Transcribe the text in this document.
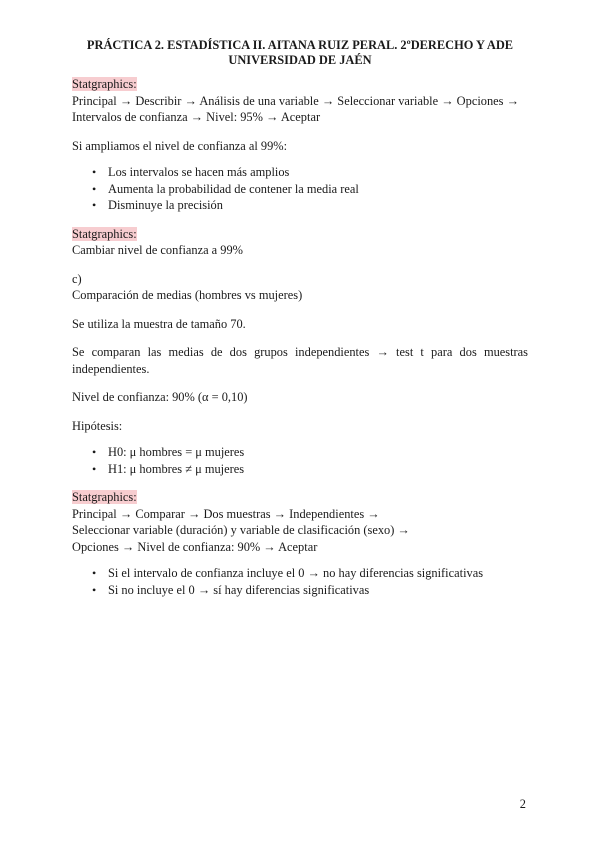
PRÁCTICA 2. ESTADÍSTICA II. AITANA RUIZ PERAL. 2ºDERECHO Y ADE
UNIVERSIDAD DE JAÉN

Statgraphics:

Principal → Describir → Análisis de una variable → Seleccionar variable → Opciones →

Intervalos de confianza → Nivel: 95% → Aceptar

Si ampliamos el nivel de confianza al 99%:

• Los intervalos se hacen más amplios
• Aumenta la probabilidad de contener la media real
• Disminuye la precisión

Statgraphics:

Cambiar nivel de confianza a 99%

c)

Comparación de medias (hombres vs mujeres)

Se utiliza la muestra de tamaño 70.

Se comparan las medias de dos grupos independientes → test t para dos muestras independientes.

Nivel de confianza: 90% (α = 0,10)

Hipótesis:

• H0: μ hombres = μ mujeres
• H1: μ hombres ≠ μ mujeres

Statgraphics:

Principal → Comparar → Dos muestras → Independientes →

Seleccionar variable (duración) y variable de clasificación (sexo) →

Opciones → Nivel de confianza: 90% → Aceptar

• Si el intervalo de confianza incluye el 0 → no hay diferencias significativas
• Si no incluye el 0 → sí hay diferencias significativas
2
